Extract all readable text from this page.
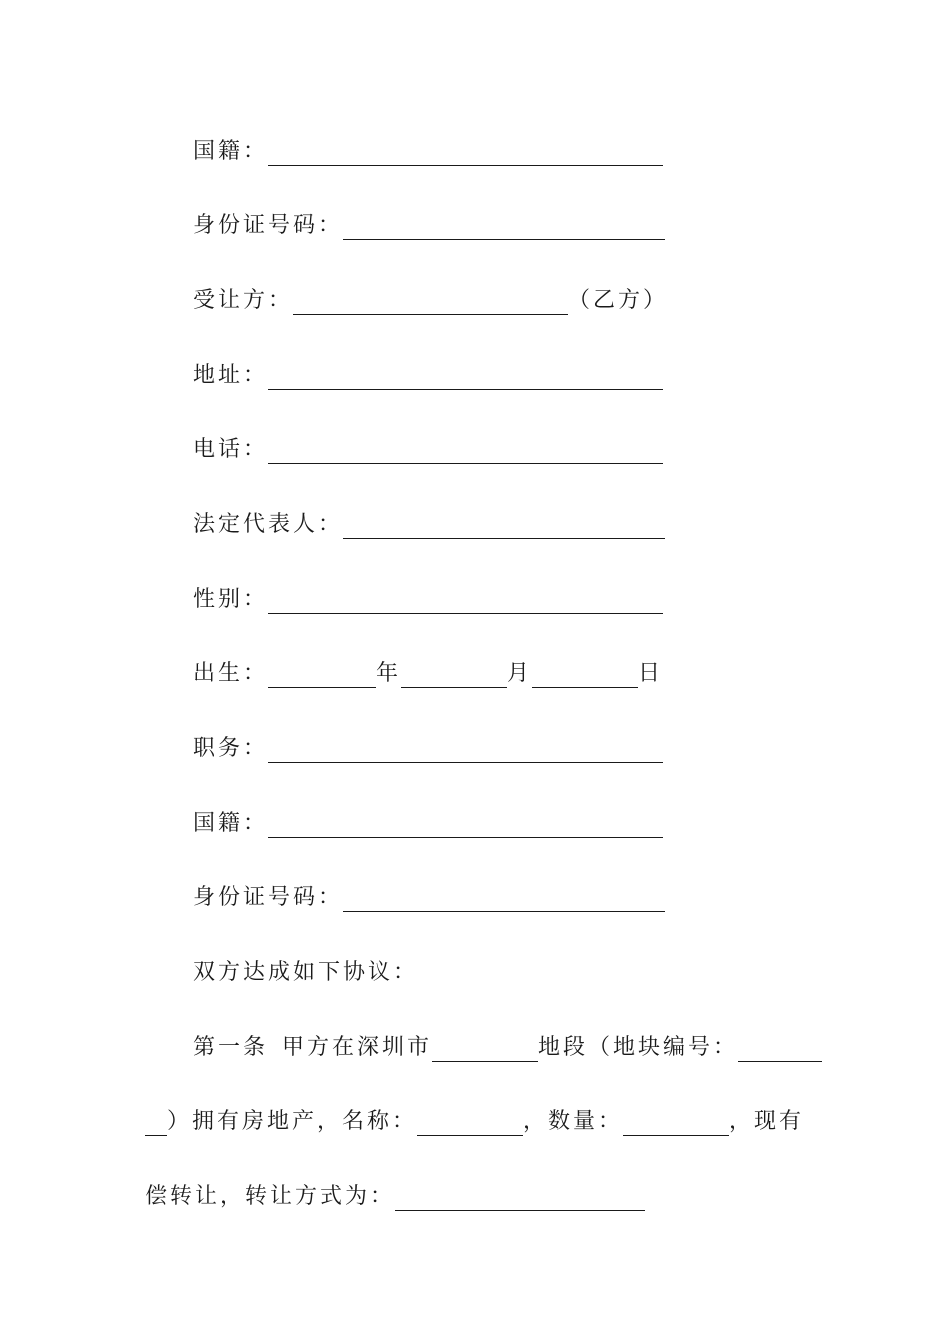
国籍：
身份证号码：
受让方：	（乙方）
地址：
电话：
法定代表人：
性别：
出生：	年	月	日
职务：
国籍：
身份证号码：
双方达成如下协议：
第一条 甲方在深圳市	地段（地块编号：
）拥有房地产，名称：	，数量：	，现有
偿转让，转让方式为：
